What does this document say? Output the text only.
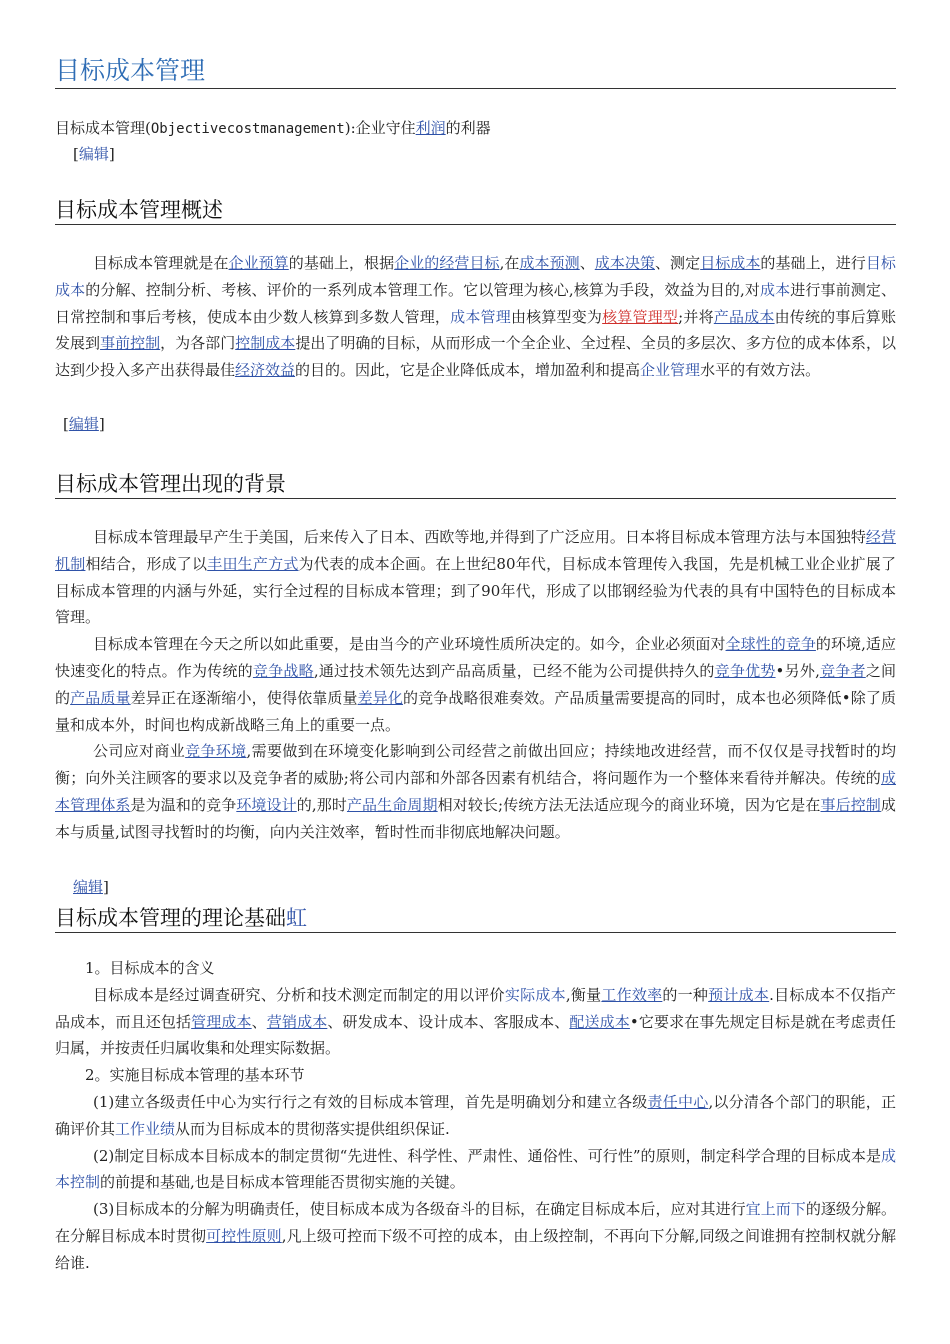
目标成本管理
目标成本管理(Objectivecostmanagement):企业守住利润的利器
[编辑]
目标成本管理概述

目标成本管理就是在企业预算的基础上，根据企业的经营目标,在成本预测、成本决策、测定目标成本的基础上，进行目标成本的分解、控制分析、考核、评价的一系列成本管理工作。它以管理为核心,核算为手段，效益为目的,对成本进行事前测定、日常控制和事后考核，使成本由少数人核算到多数人管理，成本管理由核算型变为核算管理型;并将产品成本由传统的事后算账发展到事前控制，为各部门控制成本提出了明确的目标，从而形成一个全企业、全过程、全员的多层次、多方位的成本体系，以达到少投入多产出获得最佳经济效益的目的。因此，它是企业降低成本，增加盈利和提高企业管理水平的有效方法。

[编辑]
目标成本管理出现的背景

目标成本管理最早产生于美国，后来传入了日本、西欧等地,并得到了广泛应用。日本将目标成本管理方法与本国独特经营机制相结合，形成了以丰田生产方式为代表的成本企画。在上世纪80年代，目标成本管理传入我国，先是机械工业企业扩展了目标成本管理的内涵与外延，实行全过程的目标成本管理；到了90年代，形成了以邯钢经验为代表的具有中国特色的目标成本管理。

目标成本管理在今天之所以如此重要，是由当今的产业环境性质所决定的。如今，企业必须面对全球性的竞争的环境,适应快速变化的特点。作为传统的竞争战略,通过技术领先达到产品高质量，已经不能为公司提供持久的竞争优势•另外,竞争者之间的产品质量差异正在逐渐缩小，使得依靠质量差异化的竞争战略很难奏效。产品质量需要提高的同时，成本也必须降低•除了质量和成本外，时间也构成新战略三角上的重要一点。

公司应对商业竞争环境,需要做到在环境变化影响到公司经营之前做出回应；持续地改进经营，而不仅仅是寻找暂时的均衡；向外关注顾客的要求以及竞争者的威胁;将公司内部和外部各因素有机结合，将问题作为一个整体来看待并解决。传统的成本管理体系是为温和的竞争环境设计的,那时产品生命周期相对较长;传统方法无法适应现今的商业环境，因为它是在事后控制成本与质量,试图寻找暂时的均衡，向内关注效率，暂时性而非彻底地解决问题。

编辑]
目标成本管理的理论基础虹

1。目标成本的含义

目标成本是经过调查研究、分析和技术测定而制定的用以评价实际成本,衡量工作效率的一种预计成本.目标成本不仅指产品成本，而且还包括管理成本、营销成本、研发成本、设计成本、客服成本、配送成本•它要求在事先规定目标是就在考虑责任归属，并按责任归属收集和处理实际数据。

2。实施目标成本管理的基本环节

(1)建立各级责任中心为实行行之有效的目标成本管理，首先是明确划分和建立各级责任中心,以分清各个部门的职能，正确评价其工作业绩从而为目标成本的贯彻落实提供组织保证.

(2)制定目标成本目标成本的制定贯彻“先进性、科学性、严肃性、通俗性、可行性”的原则，制定科学合理的目标成本是成本控制的前提和基础,也是目标成本管理能否贯彻实施的关键。

(3)目标成本的分解为明确责任，使目标成本成为各级奋斗的目标，在确定目标成本后，应对其进行宜上而下的逐级分解。在分解目标成本时贯彻可控性原则,凡上级可控而下级不可控的成本，由上级控制，不再向下分解,同级之间谁拥有控制权就分解给谁.
